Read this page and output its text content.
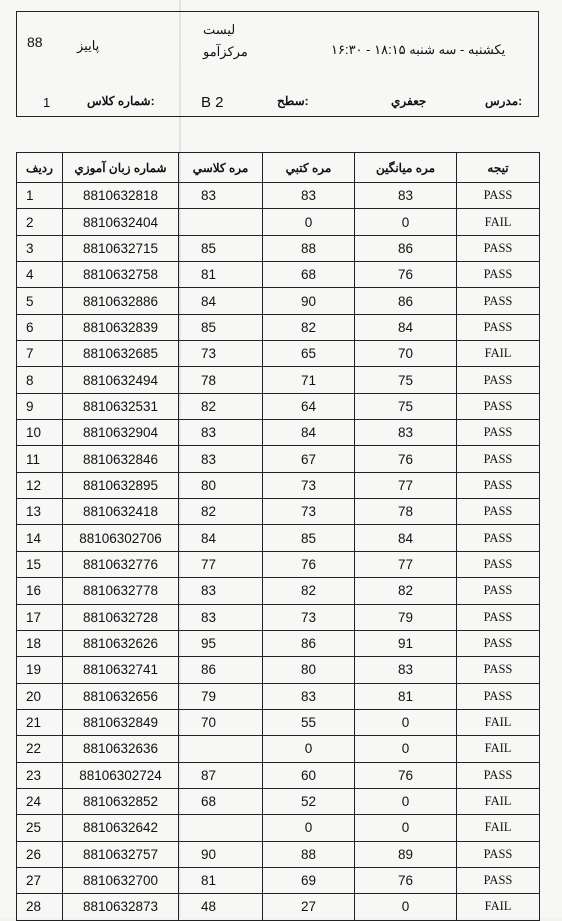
88	پاییز
لیست
مرکزآمو	یکشنبه - سه شنبه ۱۸:۱۵ - ۱۶:۳۰
1	شماره کلاس:	B 2	سطح:	جعفري	مدرس:
رديف	شماره زبان آموزي	مره كلاسي	مره كتبي	مره ميانگين	تيجه
1	8810632818	83	83	83	PASS
2	8810632404		0	0	FAIL
3	8810632715	85	88	86	PASS
4	8810632758	81	68	76	PASS
5	8810632886	84	90	86	PASS
6	8810632839	85	82	84	PASS
7	8810632685	73	65	70	FAIL
8	8810632494	78	71	75	PASS
9	8810632531	82	64	75	PASS
10	8810632904	83	84	83	PASS
11	8810632846	83	67	76	PASS
12	8810632895	80	73	77	PASS
13	8810632418	82	73	78	PASS
14	88106302706	84	85	84	PASS
15	8810632776	77	76	77	PASS
16	8810632778	83	82	82	PASS
17	8810632728	83	73	79	PASS
18	8810632626	95	86	91	PASS
19	8810632741	86	80	83	PASS
20	8810632656	79	83	81	PASS
21	8810632849	70	55	0	FAIL
22	8810632636		0	0	FAIL
23	88106302724	87	60	76	PASS
24	8810632852	68	52	0	FAIL
25	8810632642		0	0	FAIL
26	8810632757	90	88	89	PASS
27	8810632700	81	69	76	PASS
28	8810632873	48	27	0	FAIL
